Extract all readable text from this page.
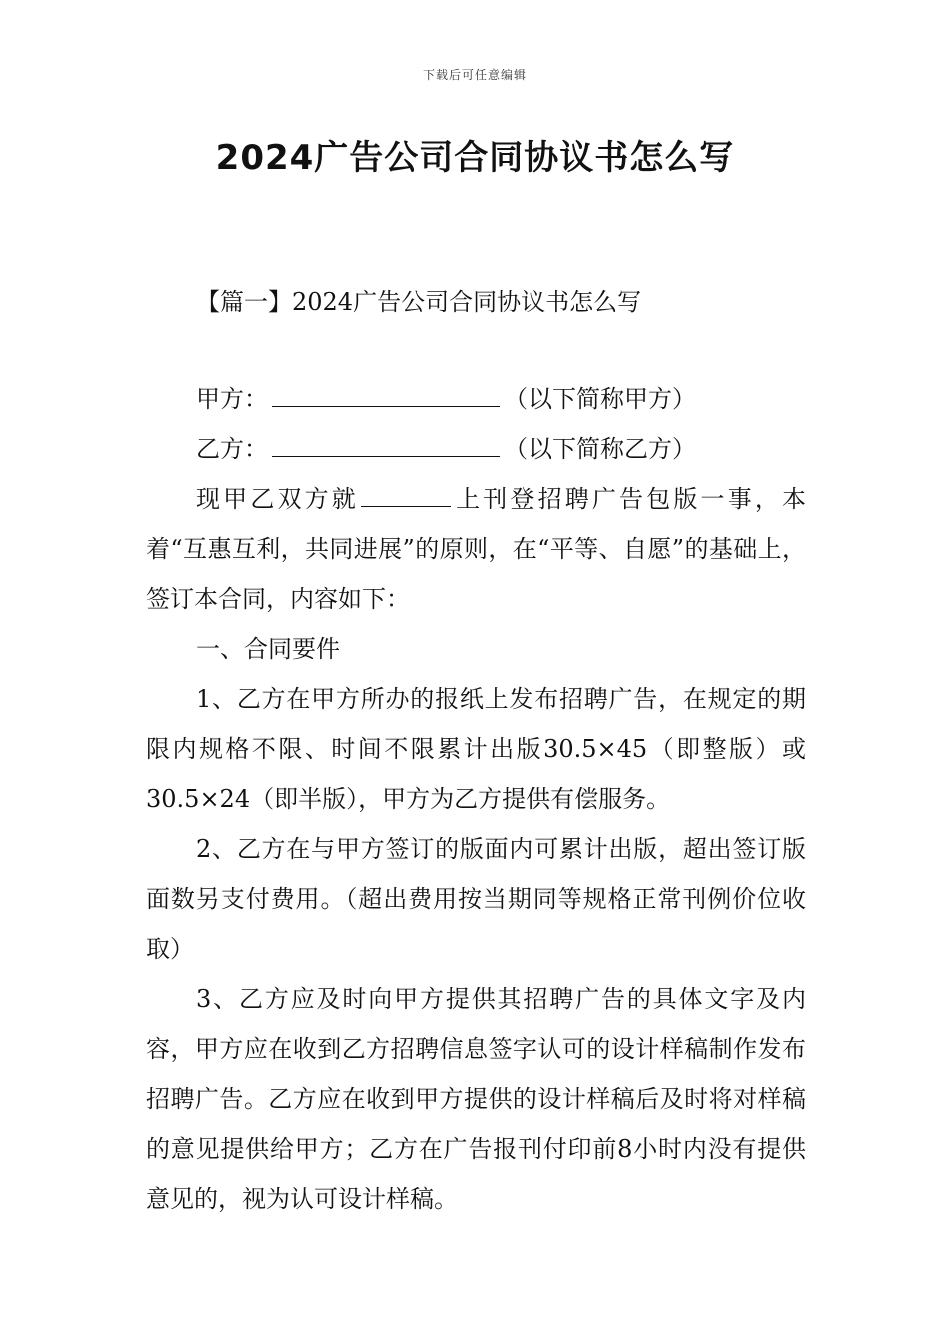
下载后可任意编辑
2024广告公司合同协议书怎么写
【篇一】2024广告公司合同协议书怎么写

甲方：	（以下简称甲方）

乙方：	（以下简称乙方）

现甲乙双方就	上刊登招聘广告包版一事，本着“互惠互利，共同进展”的原则，在“平等、自愿”的基础上，签订本合同，内容如下：

一、合同要件

1、乙方在甲方所办的报纸上发布招聘广告，在规定的期限内规格不限、时间不限累计出版30.5×45（即整版）或30.5×24（即半版），甲方为乙方提供有偿服务。

2、乙方在与甲方签订的版面内可累计出版，超出签订版面数另支付费用。（超出费用按当期同等规格正常刊例价位收取）

3、乙方应及时向甲方提供其招聘广告的具体文字及内容，甲方应在收到乙方招聘信息签字认可的设计样稿制作发布招聘广告。乙方应在收到甲方提供的设计样稿后及时将对样稿的意见提供给甲方；乙方在广告报刊付印前8小时内没有提供意见的，视为认可设计样稿。
